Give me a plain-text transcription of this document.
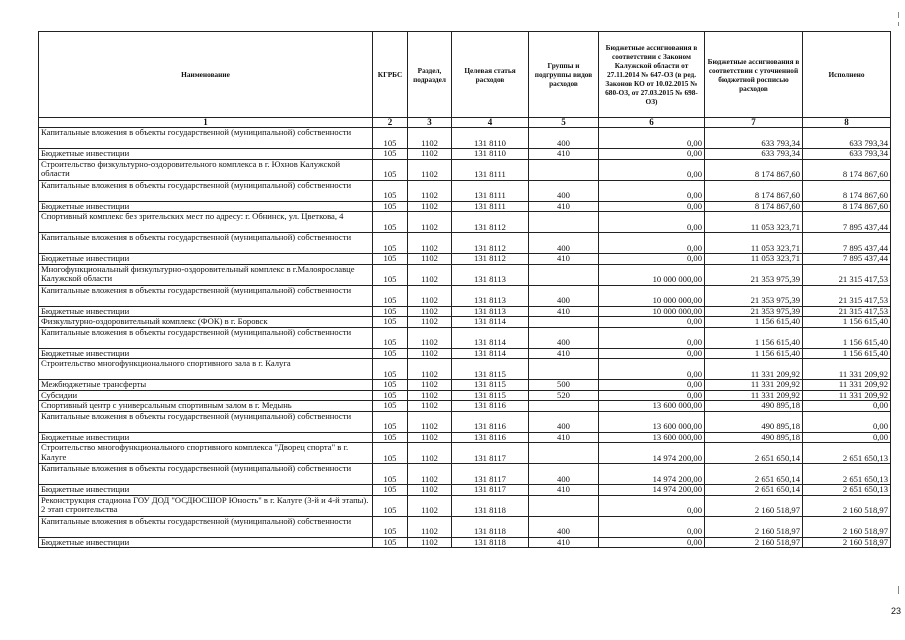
Наименование	КГРБС	Раздел, подраздел	Целевая статья расходов	Группы и подгруппы видов расходов	Бюджетные ассигнования в соответствии с Законом Калужской области от 27.11.2014 № 647-ОЗ (в ред. Законов КО от 10.02.2015 № 680-ОЗ, от 27.03.2015 № 698-ОЗ)	Бюджетные ассигнования в соответствии с уточненной бюджетной росписью расходов	Исполнено
1	2	3	4	5	6	7	8
Капитальные вложения в объекты государственной (муниципальной) собственности	105	1102	131 8110	400	0,00	633 793,34	633 793,34
Бюджетные инвестиции	105	1102	131 8110	410	0,00	633 793,34	633 793,34
Строительство физкультурно-оздоровительного комплекса в г. Юхнов Калужской области	105	1102	131 8111		0,00	8 174 867,60	8 174 867,60
Капитальные вложения в объекты государственной (муниципальной) собственности	105	1102	131 8111	400	0,00	8 174 867,60	8 174 867,60
Бюджетные инвестиции	105	1102	131 8111	410	0,00	8 174 867,60	8 174 867,60
Спортивный комплекс без зрительских мест по адресу: г. Обнинск, ул. Цветкова, 4	105	1102	131 8112		0,00	11 053 323,71	7 895 437,44
Капитальные вложения в объекты государственной (муниципальной) собственности	105	1102	131 8112	400	0,00	11 053 323,71	7 895 437,44
Бюджетные инвестиции	105	1102	131 8112	410	0,00	11 053 323,71	7 895 437,44
Многофункциональный физкультурно-оздоровительный комплекс в г.Малоярославце Калужской области	105	1102	131 8113		10 000 000,00	21 353 975,39	21 315 417,53
Капитальные вложения в объекты государственной (муниципальной) собственности	105	1102	131 8113	400	10 000 000,00	21 353 975,39	21 315 417,53
Бюджетные инвестиции	105	1102	131 8113	410	10 000 000,00	21 353 975,39	21 315 417,53
Физкультурно-оздоровительный комплекс (ФОК) в г. Боровск	105	1102	131 8114		0,00	1 156 615,40	1 156 615,40
Капитальные вложения в объекты государственной (муниципальной) собственности	105	1102	131 8114	400	0,00	1 156 615,40	1 156 615,40
Бюджетные инвестиции	105	1102	131 8114	410	0,00	1 156 615,40	1 156 615,40
Строительство многофункционального спортивного зала в г. Калуга	105	1102	131 8115		0,00	11 331 209,92	11 331 209,92
Межбюджетные трансферты	105	1102	131 8115	500	0,00	11 331 209,92	11 331 209,92
Субсидии	105	1102	131 8115	520	0,00	11 331 209,92	11 331 209,92
Спортивный центр с универсальным спортивным залом в г. Медынь	105	1102	131 8116		13 600 000,00	490 895,18	0,00
Капитальные вложения в объекты государственной (муниципальной) собственности	105	1102	131 8116	400	13 600 000,00	490 895,18	0,00
Бюджетные инвестиции	105	1102	131 8116	410	13 600 000,00	490 895,18	0,00
Строительство многофункционального спортивного комплекса "Дворец спорта" в г. Калуге	105	1102	131 8117		14 974 200,00	2 651 650,14	2 651 650,13
Капитальные вложения в объекты государственной (муниципальной) собственности	105	1102	131 8117	400	14 974 200,00	2 651 650,14	2 651 650,13
Бюджетные инвестиции	105	1102	131 8117	410	14 974 200,00	2 651 650,14	2 651 650,13
Реконструкция стадиона ГОУ ДОД "ОСДЮСШОР Юность" в г. Калуге (3-й и 4-й этапы). 2 этап строительства	105	1102	131 8118		0,00	2 160 518,97	2 160 518,97
Капитальные вложения в объекты государственной (муниципальной) собственности	105	1102	131 8118	400	0,00	2 160 518,97	2 160 518,97
Бюджетные инвестиции	105	1102	131 8118	410	0,00	2 160 518,97	2 160 518,97
23
